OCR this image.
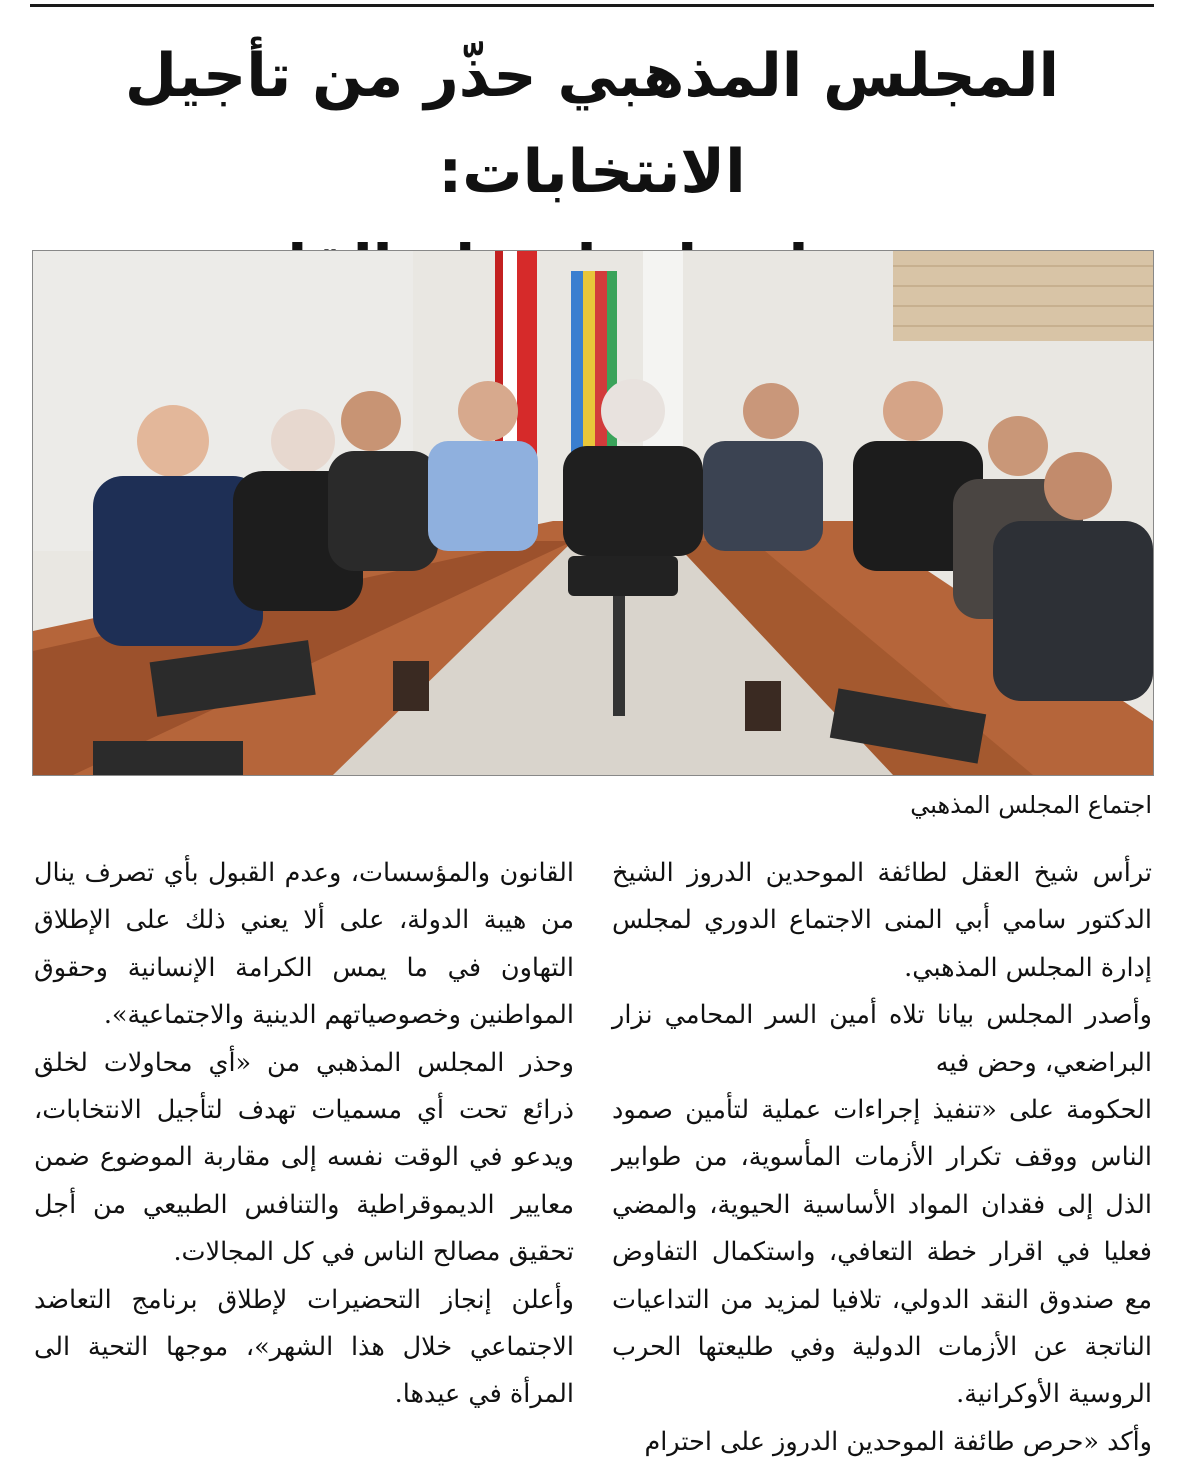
المجلس المذهبي حذّر من تأجيل الانتخابات:
اجتماع المجلس المذهبي

ترأس شيخ العقل لطائفة الموحدين الدروز الشيخ الدكتور سامي أبي المنى الاجتماع الدوري لمجلس إدارة المجلس المذهبي.

وأصدر المجلس بيانا تلاه أمين السر المحامي نزار البراضعي، وحض فيه

الحكومة على «تنفيذ إجراءات عملية لتأمين صمود الناس ووقف تكرار الأزمات المأسوية، من طوابير الذل إلى فقدان المواد الأساسية الحيوية، والمضي فعليا في اقرار خطة التعافي، واستكمال التفاوض مع صندوق النقد الدولي، تلافيا لمزيد من التداعيات الناتجة عن الأزمات الدولية وفي طليعتها الحرب الروسية الأوكرانية.

وأكد «حرص طائفة الموحدين الدروز على احترام

القانون والمؤسسات، وعدم القبول بأي تصرف ينال من هيبة الدولة، على ألا يعني ذلك على الإطلاق التهاون في ما يمس الكرامة الإنسانية وحقوق المواطنين وخصوصياتهم الدينية والاجتماعية».

وحذر المجلس المذهبي من «أي محاولات لخلق ذرائع تحت أي مسميات تهدف لتأجيل الانتخابات، ويدعو في الوقت نفسه إلى مقاربة الموضوع ضمن معايير الديموقراطية والتنافس الطبيعي من أجل تحقيق مصالح الناس في كل المجالات.

وأعلن إنجاز التحضيرات لإطلاق برنامج التعاضد الاجتماعي خلال هذا الشهر»، موجها التحية الى المرأة في عيدها.
